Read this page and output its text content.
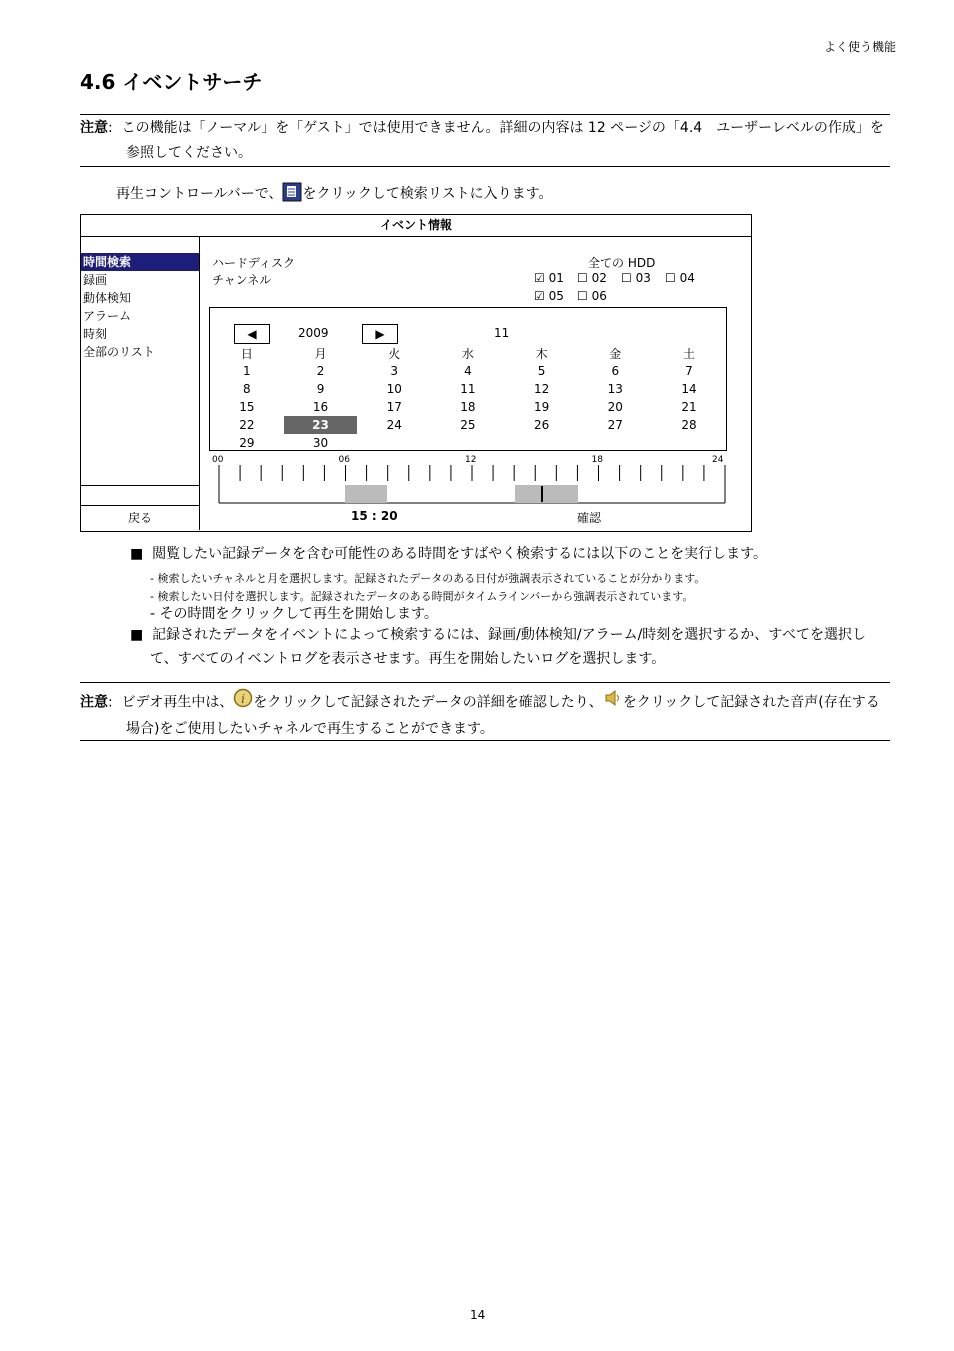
よく使う機能
4.6 イベントサーチ
注意: この機能は「ノーマル」を「ゲスト」では使用できません。詳細の内容は 12 ページの「4.4　ユーザーレベルの作成」を
参照してください。
再生コントロールバーで、 をクリックして検索リストに入ります。
イベント情報
時間検索
録画
動体検知
アラーム
時刻
全部のリスト
戻る
ハードディスク	全ての HDD
チャンネル	☑ 01 ☐ 02 ☐ 03 ☐ 04
☑ 05 ☐ 06
◀	2009	▶	11
日	月	火	水	木	金	土
1	2	3	4	5	6	7
8	9	10	11	12	13	14
15	16	17	18	19	20	21
22	23	24	25	26	27	28
29	30					
00	06	12	18	24
15 : 20	確認
■ 閲覧したい記録データを含む可能性のある時間をすばやく検索するには以下のことを実行します。
- 検索したいチャネルと月を選択します。記録されたデータのある日付が強調表示されていることが分かります。
- 検索したい日付を選択します。記録されたデータのある時間がタイムラインバーから強調表示されています。
- その時間をクリックして再生を開始します。
■ 記録されたデータをイベントによって検索するには、録画/動体検知/アラーム/時刻を選択するか、すべてを選択し
て、すべてのイベントログを表示させます。再生を開始したいログを選択します。
注意: ビデオ再生中は、 i をクリックして記録されたデータの詳細を確認したり、 をクリックして記録された音声(存在する
場合)をご使用したいチャネルで再生することができます。
14
